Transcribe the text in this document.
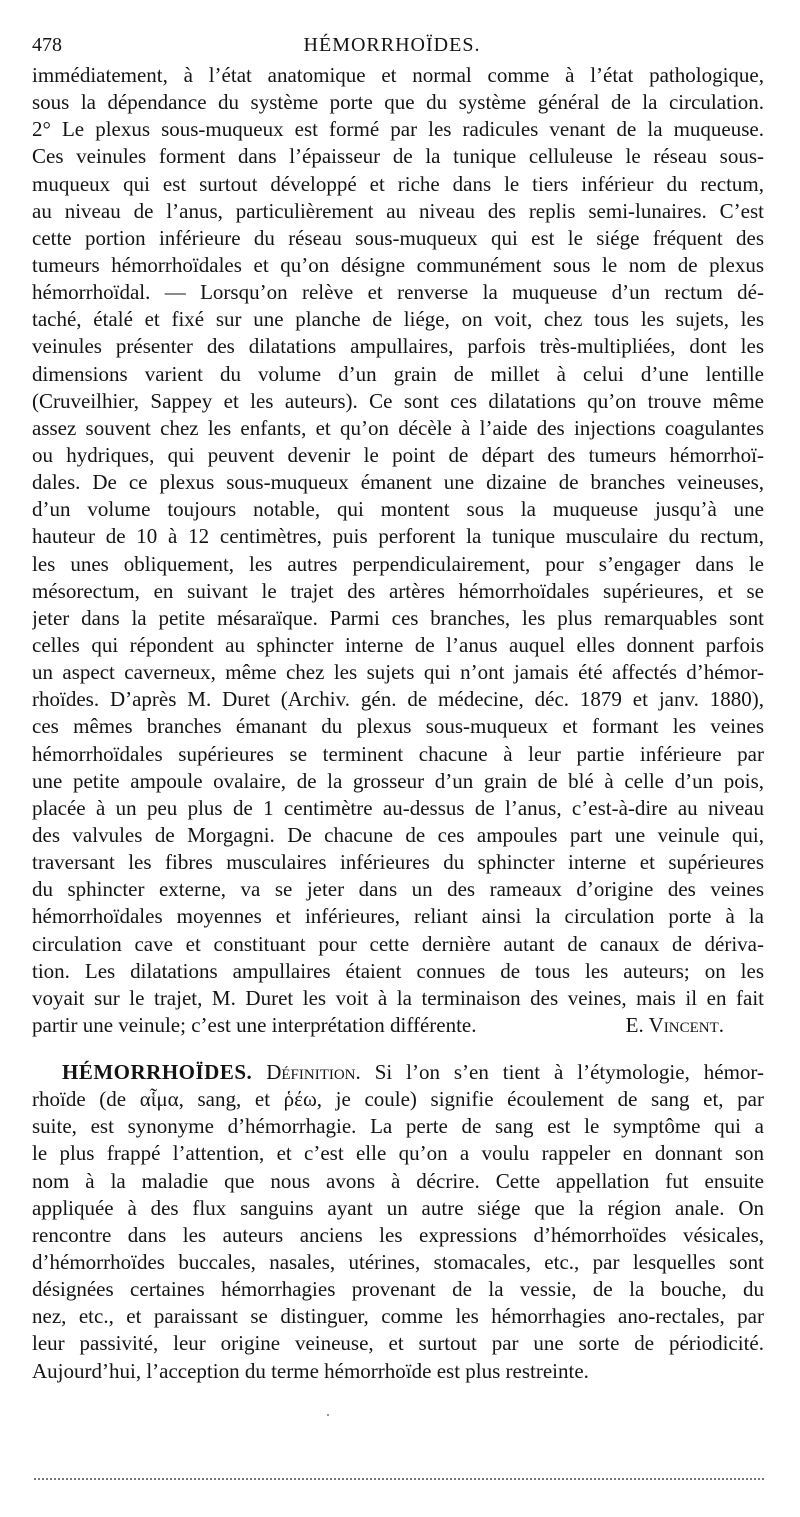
478	HÉMORRHOÏDES.
immédiatement, à l’état anatomique et normal comme à l’état pathologique,
sous la dépendance du système porte que du système général de la circulation.
2° Le plexus sous-muqueux est formé par les radicules venant de la muqueuse.
Ces veinules forment dans l’épaisseur de la tunique celluleuse le réseau sous-
muqueux qui est surtout développé et riche dans le tiers inférieur du rectum,
au niveau de l’anus, particulièrement au niveau des replis semi-lunaires. C’est
cette portion inférieure du réseau sous-muqueux qui est le siége fréquent des
tumeurs hémorrhoïdales et qu’on désigne communément sous le nom de plexus
hémorrhoïdal. — Lorsqu’on relève et renverse la muqueuse d’un rectum dé-
taché, étalé et fixé sur une planche de liége, on voit, chez tous les sujets, les
veinules présenter des dilatations ampullaires, parfois très-multipliées, dont les
dimensions varient du volume d’un grain de millet à celui d’une lentille
(Cruveilhier, Sappey et les auteurs). Ce sont ces dilatations qu’on trouve même
assez souvent chez les enfants, et qu’on décèle à l’aide des injections coagulantes
ou hydriques, qui peuvent devenir le point de départ des tumeurs hémorrhoï-
dales. De ce plexus sous-muqueux émanent une dizaine de branches veineuses,
d’un volume toujours notable, qui montent sous la muqueuse jusqu’à une
hauteur de 10 à 12 centimètres, puis perforent la tunique musculaire du rectum,
les unes obliquement, les autres perpendiculairement, pour s’engager dans le
mésorectum, en suivant le trajet des artères hémorrhoïdales supérieures, et se
jeter dans la petite mésaraïque. Parmi ces branches, les plus remarquables sont
celles qui répondent au sphincter interne de l’anus auquel elles donnent parfois
un aspect caverneux, même chez les sujets qui n’ont jamais été affectés d’hémor-
rhoïdes. D’après M. Duret (Archiv. gén. de médecine, déc. 1879 et janv. 1880),
ces mêmes branches émanant du plexus sous-muqueux et formant les veines
hémorrhoïdales supérieures se terminent chacune à leur partie inférieure par
une petite ampoule ovalaire, de la grosseur d’un grain de blé à celle d’un pois,
placée à un peu plus de 1 centimètre au-dessus de l’anus, c’est-à-dire au niveau
des valvules de Morgagni. De chacune de ces ampoules part une veinule qui,
traversant les fibres musculaires inférieures du sphincter interne et supérieures
du sphincter externe, va se jeter dans un des rameaux d’origine des veines
hémorrhoïdales moyennes et inférieures, reliant ainsi la circulation porte à la
circulation cave et constituant pour cette dernière autant de canaux de dériva-
tion. Les dilatations ampullaires étaient connues de tous les auteurs; on les
voyait sur le trajet, M. Duret les voit à la terminaison des veines, mais il en fait
partir une veinule; c’est une interprétation différente.	E. Vincent.
HÉMORRHOÏDES. Définition. Si l’on s’en tient à l’étymologie, hémor-
rhoïde (de αἷμα, sang, et ῥέω, je coule) signifie écoulement de sang et, par
suite, est synonyme d’hémorrhagie. La perte de sang est le symptôme qui a
le plus frappé l’attention, et c’est elle qu’on a voulu rappeler en donnant son
nom à la maladie que nous avons à décrire. Cette appellation fut ensuite
appliquée à des flux sanguins ayant un autre siége que la région anale. On
rencontre dans les auteurs anciens les expressions d’hémorrhoïdes vésicales,
d’hémorrhoïdes buccales, nasales, utérines, stomacales, etc., par lesquelles sont
désignées certaines hémorrhagies provenant de la vessie, de la bouche, du
nez, etc., et paraissant se distinguer, comme les hémorrhagies ano-rectales, par
leur passivité, leur origine veineuse, et surtout par une sorte de périodicité.
Aujourd’hui, l’acception du terme hémorrhoïde est plus restreinte.
